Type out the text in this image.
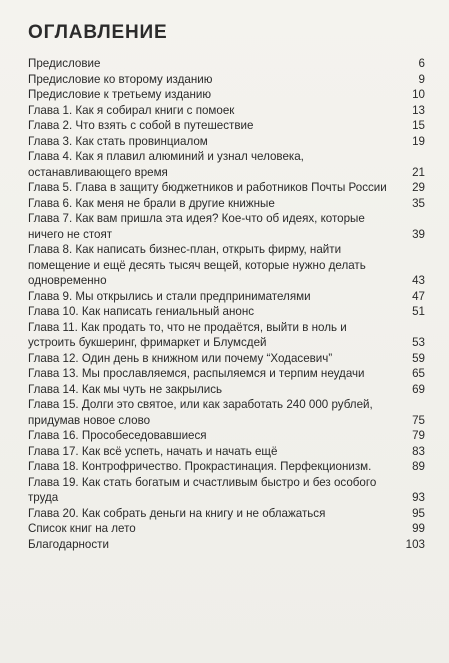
ОГЛАВЛЕНИЕ
Предисловие	6
Предисловие ко второму изданию	9
Предисловие к третьему изданию	10
Глава 1. Как я собирал книги с помоек	13
Глава 2. Что взять с собой в путешествие	15
Глава 3. Как стать провинциалом	19
Глава 4. Как я плавил алюминий и узнал человека, останавливающего время	21
Глава 5. Глава в защиту бюджетников и работников Почты России	29
Глава 6. Как меня не брали в другие книжные	35
Глава 7. Как вам пришла эта идея? Кое-что об идеях, которые ничего не стоят	39
Глава 8. Как написать бизнес-план, открыть фирму, найти помещение и ещё десять тысяч вещей, которые нужно делать одновременно	43
Глава 9. Мы открылись и стали предпринимателями	47
Глава 10. Как написать гениальный анонс	51
Глава 11. Как продать то, что не продаётся, выйти в ноль и устроить букшеринг, фримаркет и Блумсдей	53
Глава 12. Один день в книжном или почему “Ходасевич”	59
Глава 13. Мы прославляемся, распыляемся и терпим неудачи	65
Глава 14. Как мы чуть не закрылись	69
Глава 15. Долги это святое, или как заработать 240 000 рублей, придумав новое слово	75
Глава 16. Прособеседовавшиеся	79
Глава 17. Как всё успеть, начать и начать ещё	83
Глава 18. Контрофричество. Прокрастинация. Перфекционизм.	89
Глава 19. Как стать богатым и счастливым быстро и без особого труда	93
Глава 20. Как собрать деньги на книгу и не облажаться	95
Список книг на лето	99
Благодарности	103
